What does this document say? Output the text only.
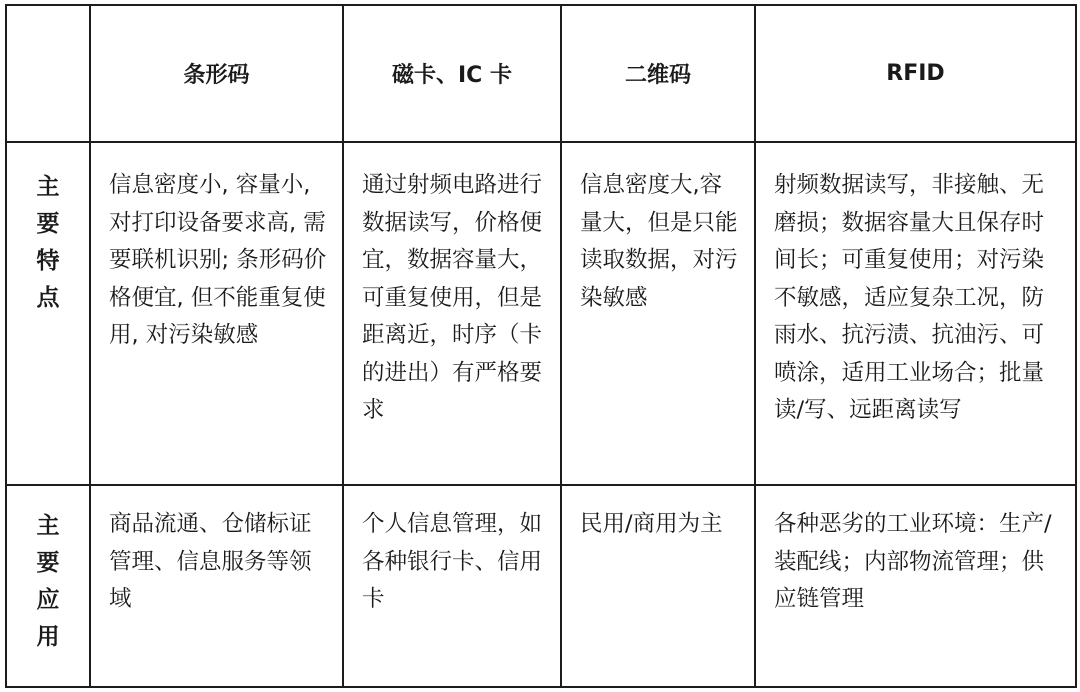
	条形码	磁卡、IC 卡	二维码	RFID
主要特点	信息密度小, 容量小, 对打印设备要求高, 需要联机识别; 条形码价格便宜, 但不能重复使用, 对污染敏感	通过射频电路进行数据读写，价格便宜，数据容量大，可重复使用，但是距离近，时序（卡的进出）有严格要求	信息密度大,容量大，但是只能读取数据，对污染敏感	射频数据读写，非接触、无磨损；数据容量大且保存时间长；可重复使用；对污染不敏感，适应复杂工况，防雨水、抗污渍、抗油污、可喷涂，适用工业场合；批量读/写、远距离读写

主要应用	商品流通、仓储标证管理、信息服务等领域	个人信息管理，如各种银行卡、信用卡	民用/商用为主	各种恶劣的工业环境：生产/装配线；内部物流管理；供应链管理
